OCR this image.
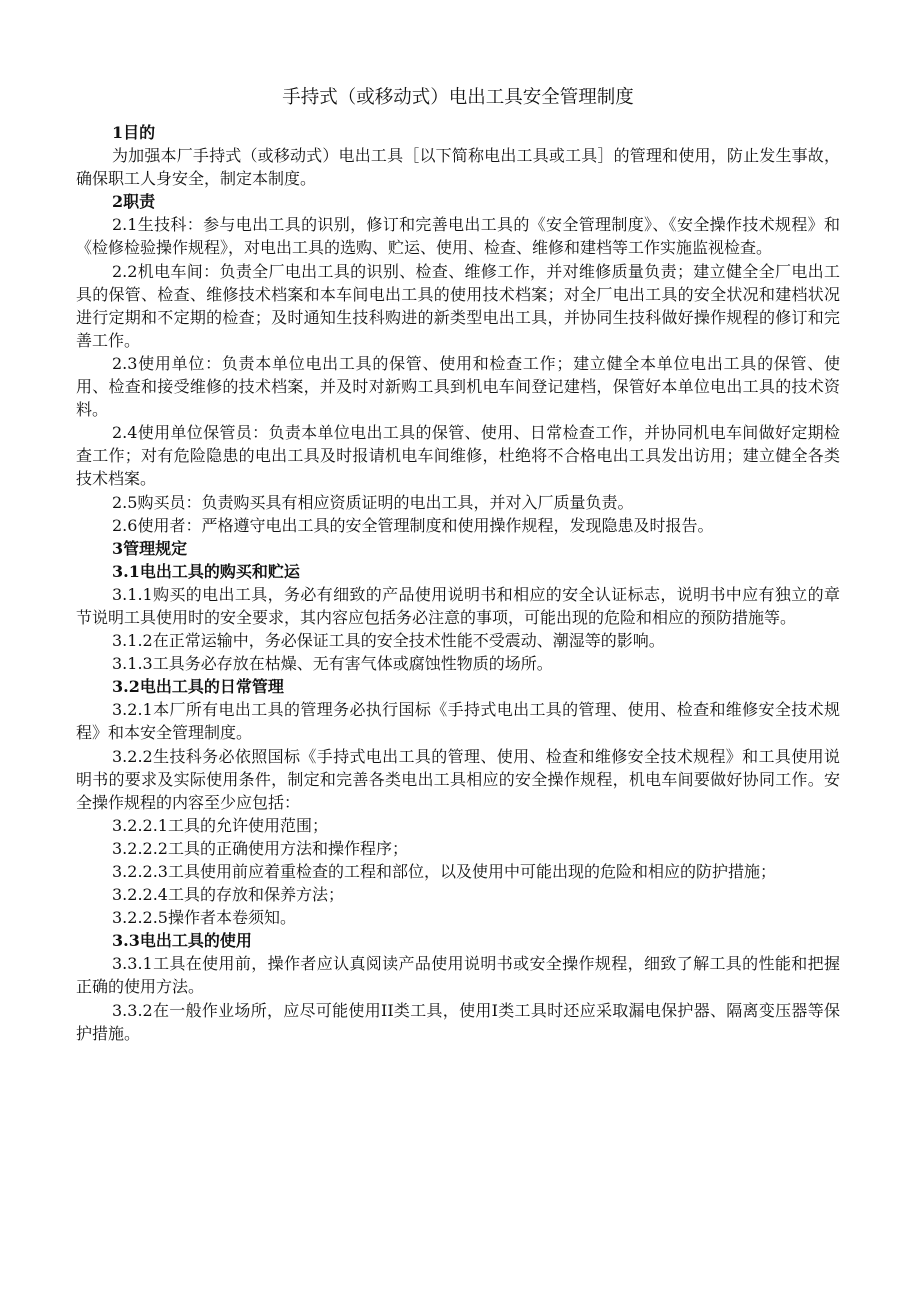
手持式（或移动式）电出工具安全管理制度
1目的

为加强本厂手持式（或移动式）电出工具［以下简称电出工具或工具］的管理和使用，防止发生事故，确保职工人身安全，制定本制度。

2职责

2.1生技科：参与电出工具的识别，修订和完善电出工具的《安全管理制度》、《安全操作技术规程》和《检修检验操作规程》，对电出工具的选购、贮运、使用、检查、维修和建档等工作实施监视检查。

2.2机电车间：负责全厂电出工具的识别、检查、维修工作，并对维修质量负责；建立健全全厂电出工具的保管、检查、维修技术档案和本车间电出工具的使用技术档案；对全厂电出工具的安全状况和建档状况进行定期和不定期的检查；及时通知生技科购进的新类型电出工具，并协同生技科做好操作规程的修订和完善工作。

2.3使用单位：负责本单位电出工具的保管、使用和检查工作；建立健全本单位电出工具的保管、使用、检查和接受维修的技术档案，并及时对新购工具到机电车间登记建档，保管好本单位电出工具的技术资料。

2.4使用单位保管员：负责本单位电出工具的保管、使用、日常检查工作，并协同机电车间做好定期检查工作；对有危险隐患的电出工具及时报请机电车间维修，杜绝将不合格电出工具发出访用；建立健全各类技术档案。

2.5购买员：负责购买具有相应资质证明的电出工具，并对入厂质量负责。

2.6使用者：严格遵守电出工具的安全管理制度和使用操作规程，发现隐患及时报告。

3管理规定
3.1电出工具的购买和贮运

3.1.1购买的电出工具，务必有细致的产品使用说明书和相应的安全认证标志，说明书中应有独立的章节说明工具使用时的安全要求，其内容应包括务必注意的事项，可能出现的危险和相应的预防措施等。

3.1.2在正常运输中，务必保证工具的安全技术性能不受震动、潮湿等的影响。

3.1.3工具务必存放在枯燥、无有害气体或腐蚀性物质的场所。

3.2电出工具的日常管理

3.2.1本厂所有电出工具的管理务必执行国标《手持式电出工具的管理、使用、检查和维修安全技术规程》和本安全管理制度。

3.2.2生技科务必依照国标《手持式电出工具的管理、使用、检查和维修安全技术规程》和工具使用说明书的要求及实际使用条件，制定和完善各类电出工具相应的安全操作规程，机电车间要做好协同工作。安全操作规程的内容至少应包括：

3.2.2.1工具的允许使用范围；

3.2.2.2工具的正确使用方法和操作程序；

3.2.2.3工具使用前应着重检查的工程和部位，以及使用中可能出现的危险和相应的防护措施；

3.2.2.4工具的存放和保养方法；

3.2.2.5操作者本卷须知。

3.3电出工具的使用

3.3.1工具在使用前，操作者应认真阅读产品使用说明书或安全操作规程，细致了解工具的性能和把握正确的使用方法。

3.3.2在一般作业场所，应尽可能使用II类工具，使用I类工具时还应采取漏电保护器、隔离变压器等保护措施。
